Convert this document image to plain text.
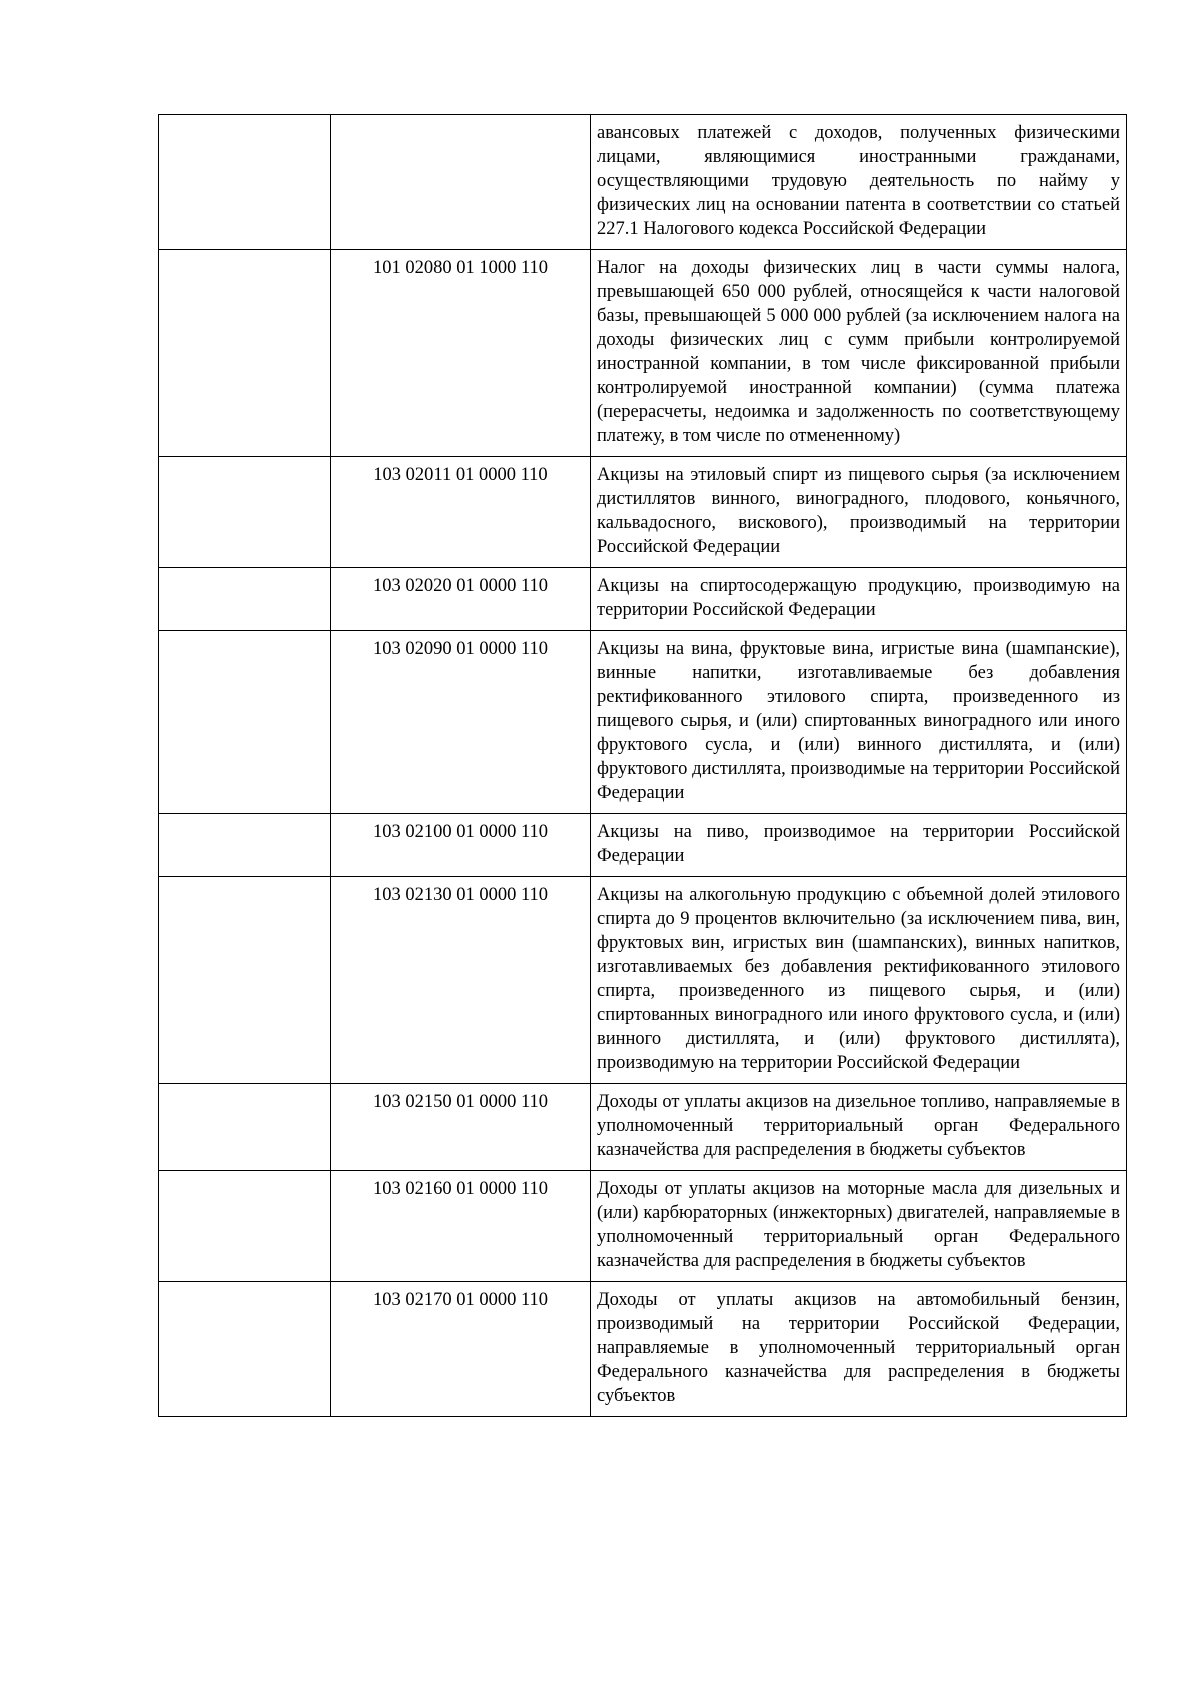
		авансовых платежей с доходов, полученных физическими лицами, являющимися иностранными гражданами, осуществляющими трудовую деятельность по найму у физических лиц на основании патента в соответствии со статьей 227.1 Налогового кодекса Российской Федерации
	101 02080 01 1000 110	Налог на доходы физических лиц в части суммы налога, превышающей 650 000 рублей, относящейся к части налоговой базы, превышающей 5 000 000 рублей (за исключением налога на доходы физических лиц с сумм прибыли контролируемой иностранной компании, в том числе фиксированной прибыли контролируемой иностранной компании) (сумма платежа (перерасчеты, недоимка и задолженность по соответствующему платежу, в том числе по отмененному)
	103 02011 01 0000 110	Акцизы на этиловый спирт из пищевого сырья (за исключением дистиллятов винного, виноградного, плодового, коньячного, кальвадосного, вискового), производимый на территории Российской Федерации
	103 02020 01 0000 110	Акцизы на спиртосодержащую продукцию, производимую на территории Российской Федерации
	103 02090 01 0000 110	Акцизы на вина, фруктовые вина, игристые вина (шампанские), винные напитки, изготавливаемые без добавления ректификованного этилового спирта, произведенного из пищевого сырья, и (или) спиртованных виноградного или иного фруктового сусла, и (или) винного дистиллята, и (или) фруктового дистиллята, производимые на территории Российской Федерации
	103 02100 01 0000 110	Акцизы на пиво, производимое на территории Российской Федерации
	103 02130 01 0000 110	Акцизы на алкогольную продукцию с объемной долей этилового спирта до 9 процентов включительно (за исключением пива, вин, фруктовых вин, игристых вин (шампанских), винных напитков, изготавливаемых без добавления ректификованного этилового спирта, произведенного из пищевого сырья, и (или) спиртованных виноградного или иного фруктового сусла, и (или) винного дистиллята, и (или) фруктового дистиллята), производимую на территории Российской Федерации
	103 02150 01 0000 110	Доходы от уплаты акцизов на дизельное топливо, направляемые в уполномоченный территориальный орган Федерального казначейства для распределения в бюджеты субъектов
	103 02160 01 0000 110	Доходы от уплаты акцизов на моторные масла для дизельных и (или) карбюраторных (инжекторных) двигателей, направляемые в уполномоченный территориальный орган Федерального казначейства для распределения в бюджеты субъектов
	103 02170 01 0000 110	Доходы от уплаты акцизов на автомобильный бензин, производимый на территории Российской Федерации, направляемые в уполномоченный территориальный орган Федерального казначейства для распределения в бюджеты субъектов
